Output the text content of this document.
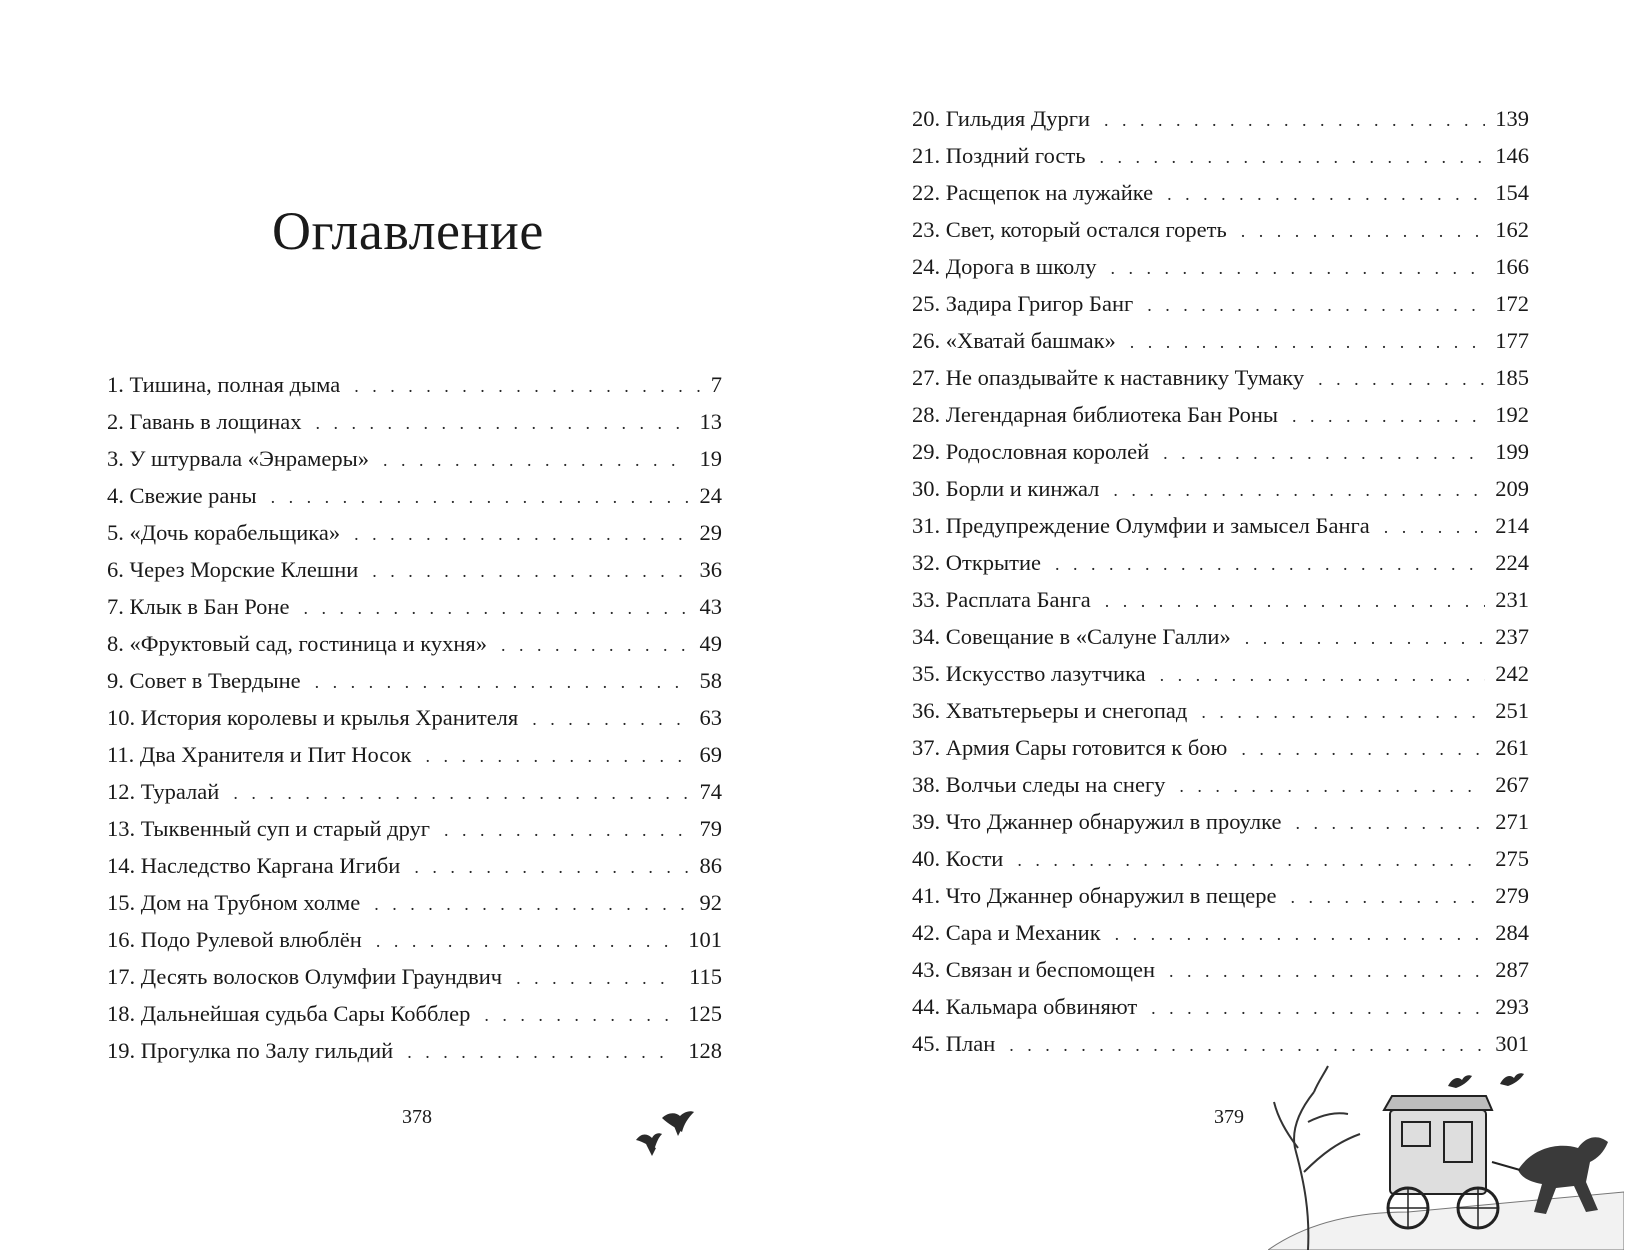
Оглавление
1. Тишина, полная дыма . . .	7
2. Гавань в лощинах . . .	13
3. У штурвала «Энрамеры» . . .	19
4. Свежие раны . . .	24
5. «Дочь корабельщика» . . .	29
6. Через Морские Клешни . . .	36
7. Клык в Бан Роне . . .	43
8. «Фруктовый сад, гостиница и кухня» . . .	49
9. Совет в Твердыне . . .	58
10. История королевы и крылья Хранителя . . .	63
11. Два Хранителя и Пит Носок . . .	69
12. Туралай . . .	74
13. Тыквенный суп и старый друг . . .	79
14. Наследство Каргана Игиби . . .	86
15. Дом на Трубном холме . . .	92
16. Подо Рулевой влюблён . . .	101
17. Десять волосков Олумфии Граундвич . . .	115
18. Дальнейшая судьба Сары Кобблер . . .	125
19. Прогулка по Залу гильдий . . .	128
20. Гильдия Дурги . . .	139
21. Поздний гость . . .	146
22. Расщепок на лужайке . . .	154
23. Свет, который остался гореть . . .	162
24. Дорога в школу . . .	166
25. Задира Григор Банг . . .	172
26. «Хватай башмак» . . .	177
27. Не опаздывайте к наставнику Тумаку . . .	185
28. Легендарная библиотека Бан Роны . . .	192
29. Родословная королей . . .	199
30. Борли и кинжал . . .	209
31. Предупреждение Олумфии и замысел Банга . . .	214
32. Открытие . . .	224
33. Расплата Банга . . .	231
34. Совещание в «Салуне Галли» . . .	237
35. Искусство лазутчика . . .	242
36. Хватьтерьеры и снегопад . . .	251
37. Армия Сары готовится к бою . . .	261
38. Волчьи следы на снегу . . .	267
39. Что Джаннер обнаружил в проулке . . .	271
40. Кости . . .	275
41. Что Джаннер обнаружил в пещере . . .	279
42. Сара и Механик . . .	284
43. Связан и беспомощен . . .	287
44. Кальмара обвиняют . . .	293
45. План . . .	301
378	379
